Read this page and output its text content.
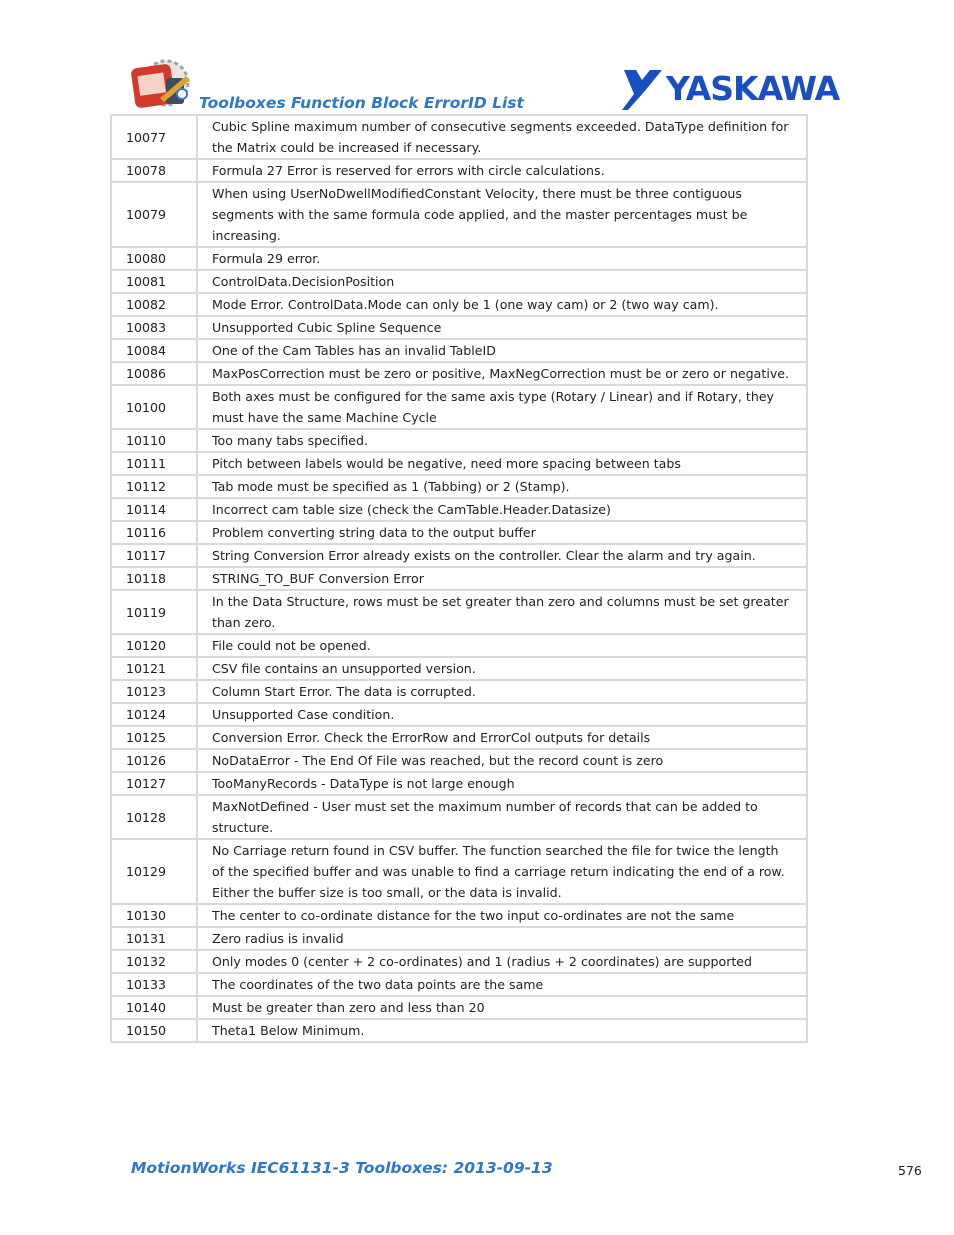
Toolboxes Function Block ErrorID List	YASKAWA
10077	Cubic Spline maximum number of consecutive segments exceeded. DataType definition for the Matrix could be increased if necessary.
10078	Formula 27 Error is reserved for errors with circle calculations.
10079	When using UserNoDwellModifiedConstant Velocity, there must be three contiguous segments with the same formula code applied, and the master percentages must be increasing.
10080	Formula 29 error.
10081	ControlData.DecisionPosition
10082	Mode Error. ControlData.Mode can only be 1 (one way cam) or 2 (two way cam).
10083	Unsupported Cubic Spline Sequence
10084	One of the Cam Tables has an invalid TableID
10086	MaxPosCorrection must be zero or positive, MaxNegCorrection must be or zero or negative.
10100	Both axes must be configured for the same axis type (Rotary / Linear) and if Rotary, they must have the same Machine Cycle
10110	Too many tabs specified.
10111	Pitch between labels would be negative, need more spacing between tabs
10112	Tab mode must be specified as 1 (Tabbing) or 2 (Stamp).
10114	Incorrect cam table size (check the CamTable.Header.Datasize)
10116	Problem converting string data to the output buffer
10117	String Conversion Error already exists on the controller. Clear the alarm and try again.
10118	STRING_TO_BUF Conversion Error
10119	In the Data Structure, rows must be set greater than zero and columns must be set greater than zero.
10120	File could not be opened.
10121	CSV file contains an unsupported version.
10123	Column Start Error. The data is corrupted.
10124	Unsupported Case condition.
10125	Conversion Error. Check the ErrorRow and ErrorCol outputs for details
10126	NoDataError - The End Of File was reached, but the record count is zero
10127	TooManyRecords - DataType is not large enough
10128	MaxNotDefined - User must set the maximum number of records that can be added to structure.
10129	No Carriage return found in CSV buffer. The function searched the file for twice the length of the specified buffer and was unable to find a carriage return indicating the end of a row. Either the buffer size is too small, or the data is invalid.
10130	The center to co-ordinate distance for the two input co-ordinates are not the same
10131	Zero radius is invalid
10132	Only modes 0 (center + 2 co-ordinates) and 1 (radius + 2 coordinates) are supported
10133	The coordinates of the two data points are the same
10140	Must be greater than zero and less than 20
10150	Theta1 Below Minimum.
MotionWorks IEC61131-3 Toolboxes: 2013-09-13	576
